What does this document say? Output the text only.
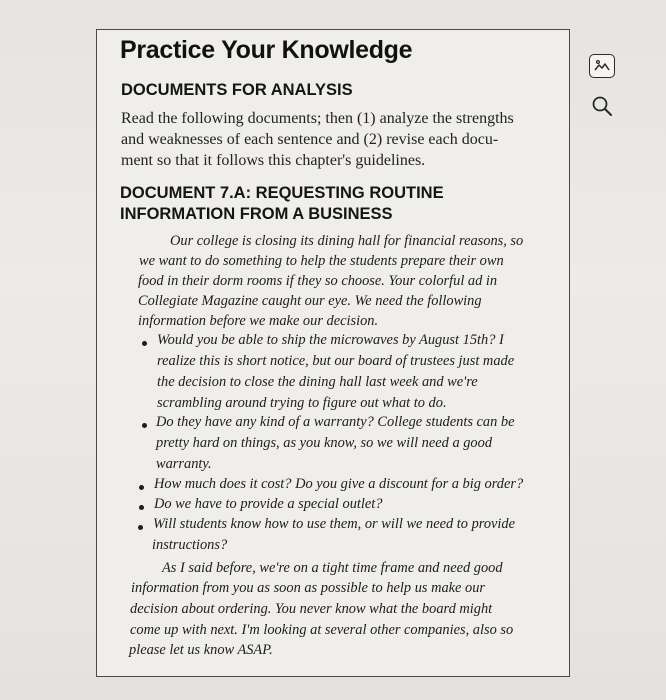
Practice Your Knowledge
DOCUMENTS FOR ANALYSIS
Read the following documents; then (1) analyze the strengths
and weaknesses of each sentence and (2) revise each docu-
ment so that it follows this chapter's guidelines.
DOCUMENT 7.A: REQUESTING ROUTINE
INFORMATION FROM A BUSINESS
Our college is closing its dining hall for financial reasons, so
we want to do something to help the students prepare their own
food in their dorm rooms if they so choose. Your colorful ad in
Collegiate Magazine caught our eye. We need the following
information before we make our decision.
Would you be able to ship the microwaves by August 15th? I
realize this is short notice, but our board of trustees just made
the decision to close the dining hall last week and we're
scrambling around trying to figure out what to do.
Do they have any kind of a warranty? College students can be
pretty hard on things, as you know, so we will need a good
warranty.
How much does it cost? Do you give a discount for a big order?
Do we have to provide a special outlet?
Will students know how to use them, or will we need to provide
instructions?
As I said before, we're on a tight time frame and need good
information from you as soon as possible to help us make our
decision about ordering. You never know what the board might
come up with next. I'm looking at several other companies, also so
please let us know ASAP.
